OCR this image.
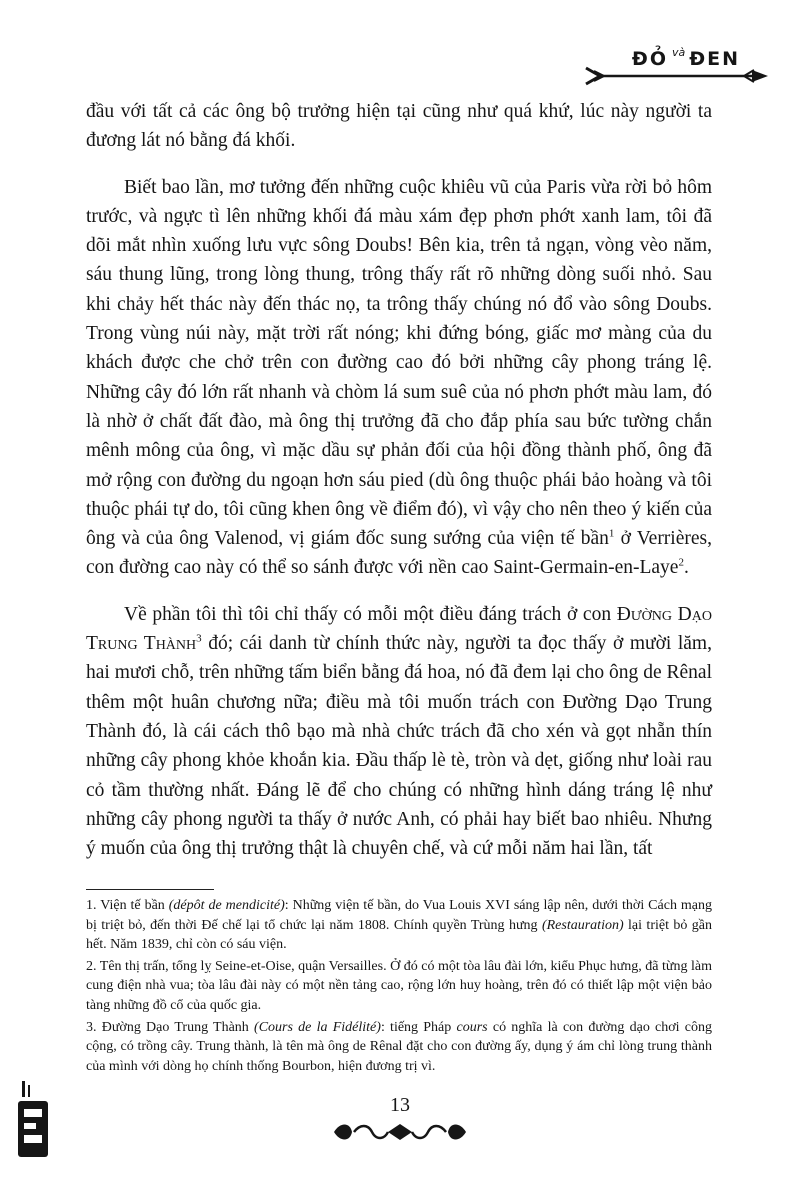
ĐỎ $^{và}$ ĐEN

đầu với tất cả các ông bộ trưởng hiện tại cũng như quá khứ, lúc này người ta đương lát nó bằng đá khối.

Biết bao lần, mơ tưởng đến những cuộc khiêu vũ của Paris vừa rời bỏ hôm trước, và ngực tì lên những khối đá màu xám đẹp phơn phớt xanh lam, tôi đã dõi mắt nhìn xuống lưu vực sông Doubs! Bên kia, trên tả ngạn, vòng vèo năm, sáu thung lũng, trong lòng thung, trông thấy rất rõ những dòng suối nhỏ. Sau khi chảy hết thác này đến thác nọ, ta trông thấy chúng nó đổ vào sông Doubs. Trong vùng núi này, mặt trời rất nóng; khi đứng bóng, giấc mơ màng của du khách được che chở trên con đường cao đó bởi những cây phong tráng lệ. Những cây đó lớn rất nhanh và chòm lá sum suê của nó phơn phớt màu lam, đó là nhờ ở chất đất đào, mà ông thị trưởng đã cho đắp phía sau bức tường chắn mênh mông của ông, vì mặc dầu sự phản đối của hội đồng thành phố, ông đã mở rộng con đường du ngoạn hơn sáu pied (dù ông thuộc phái bảo hoàng và tôi thuộc phái tự do, tôi cũng khen ông về điểm đó), vì vậy cho nên theo ý kiến của ông và của ông Valenod, vị giám đốc sung sướng của viện tế bần$^1$ ở Verrières, con đường cao này có thể so sánh được với nền cao Saint-Germain-en-Laye$^2$.

Về phần tôi thì tôi chỉ thấy có mỗi một điều đáng trách ở con Đường Dạo Trung Thành$^3$ đó; cái danh từ chính thức này, người ta đọc thấy ở mười lăm, hai mươi chỗ, trên những tấm biển bằng đá hoa, nó đã đem lại cho ông de Rênal thêm một huân chương nữa; điều mà tôi muốn trách con Đường Dạo Trung Thành đó, là cái cách thô bạo mà nhà chức trách đã cho xén và gọt nhẵn thín những cây phong khỏe khoắn kia. Đầu thấp lè tè, tròn và dẹt, giống như loài rau cỏ tầm thường nhất. Đáng lẽ để cho chúng có những hình dáng tráng lệ như những cây phong người ta thấy ở nước Anh, có phải hay biết bao nhiêu. Nhưng ý muốn của ông thị trưởng thật là chuyên chế, và cứ mỗi năm hai lần, tất

1. Viện tế bần (dépôt de mendicité): Những viện tế bần, do Vua Louis XVI sáng lập nên, dưới thời Cách mạng bị triệt bỏ, đến thời Đế chế lại tổ chức lại năm 1808. Chính quyền Trùng hưng (Restauration) lại triệt bỏ gần hết. Năm 1839, chỉ còn có sáu viện.

2. Tên thị trấn, tổng lỵ Seine-et-Oise, quận Versailles. Ở đó có một tòa lâu đài lớn, kiểu Phục hưng, đã từng làm cung điện nhà vua; tòa lâu đài này có một nền tảng cao, rộng lớn huy hoàng, trên đó có thiết lập một viện bảo tàng những đồ cổ của quốc gia.

3. Đường Dạo Trung Thành (Cours de la Fidélité): tiếng Pháp cours có nghĩa là con đường dạo chơi công cộng, có trồng cây. Trung thành, là tên mà ông de Rênal đặt cho con đường ấy, dụng ý ám chỉ lòng trung thành của mình với dòng họ chính thống Bourbon, hiện đương trị vì.

13
